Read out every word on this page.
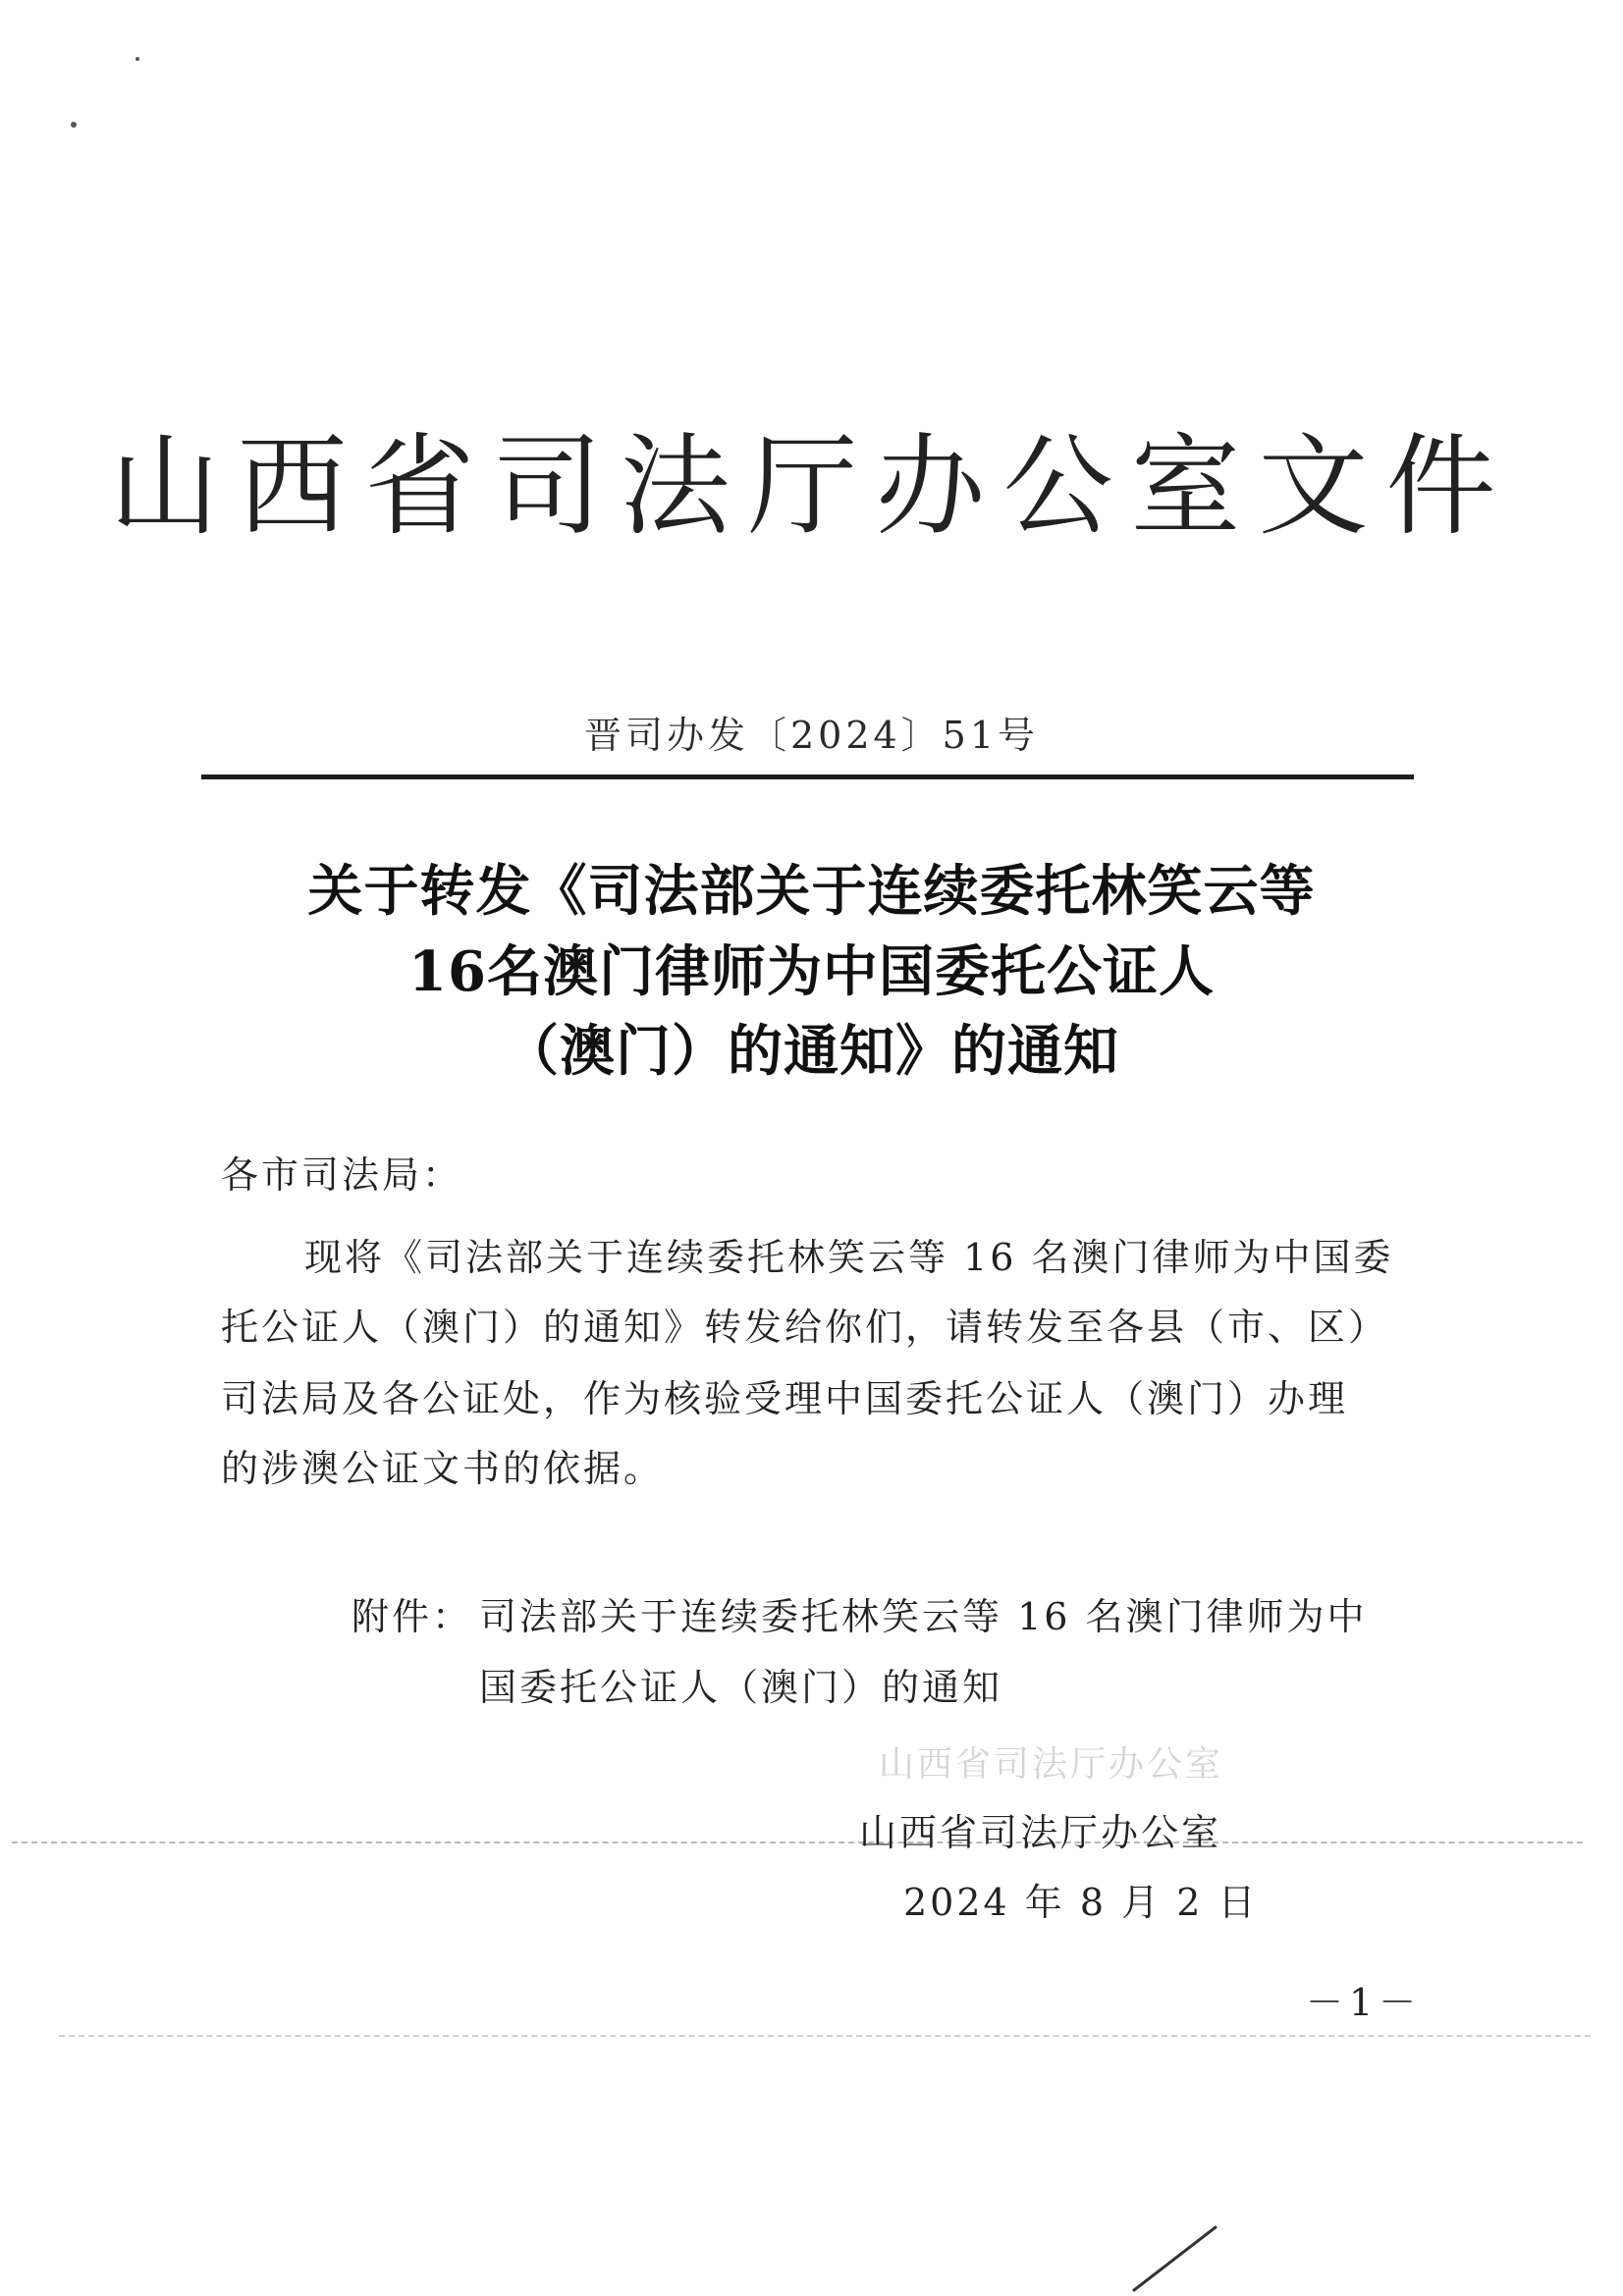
山西省司法厅办公室文件
晋司办发〔2024〕51号
关于转发《司法部关于连续委托林笑云等
16名澳门律师为中国委托公证人
（澳门）的通知》的通知
各市司法局：
现将《司法部关于连续委托林笑云等 16 名澳门律师为中国委
托公证人（澳门）的通知》转发给你们，请转发至各县（市、区）
司法局及各公证处，作为核验受理中国委托公证人（澳门）办理
的涉澳公证文书的依据。
附件： 司法部关于连续委托林笑云等 16 名澳门律师为中
国委托公证人（澳门）的通知
山西省司法厅办公室
山西省司法厅办公室
2024 年 8 月 2 日
－1－
